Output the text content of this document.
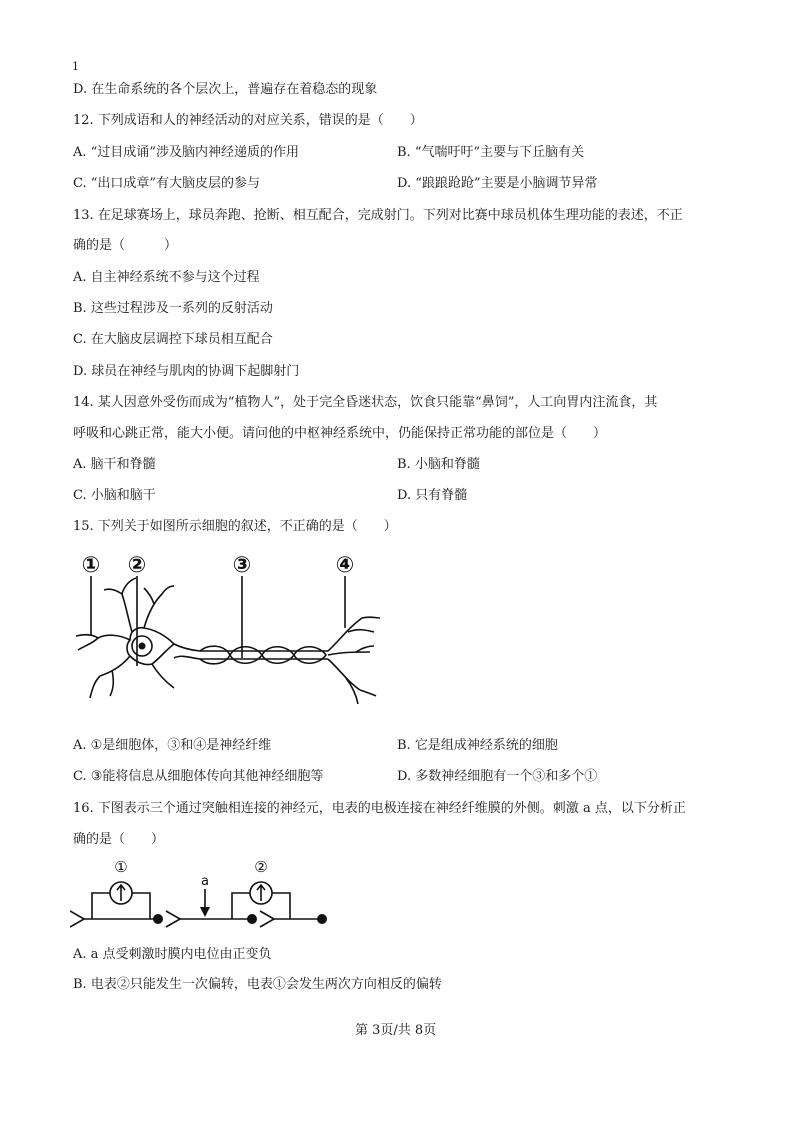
1
D. 在生命系统的各个层次上，普遍存在着稳态的现象
12. 下列成语和人的神经活动的对应关系，错误的是（　　）
A. “过目成诵”涉及脑内神经递质的作用	B. “气喘吁吁”主要与下丘脑有关
C. “出口成章”有大脑皮层的参与	D. “踉踉跄跄”主要是小脑调节异常
13. 在足球赛场上，球员奔跑、抢断、相互配合，完成射门。下列对比赛中球员机体生理功能的表述，不正
确的是（　　　）
A. 自主神经系统不参与这个过程
B. 这些过程涉及一系列的反射活动
C. 在大脑皮层调控下球员相互配合
D. 球员在神经与肌肉的协调下起脚射门
14. 某人因意外受伤而成为“植物人”，处于完全昏迷状态，饮食只能靠“鼻饲”，人工向胃内注流食，其
呼吸和心跳正常，能大小便。请问他的中枢神经系统中，仍能保持正常功能的部位是（　　）
A. 脑干和脊髓	B. 小脑和脊髓
C. 小脑和脑干	D. 只有脊髓
15. 下列关于如图所示细胞的叙述，不正确的是（　　）
① ②	③	④
A. ①是细胞体，③和④是神经纤维	B. 它是组成神经系统的细胞
C. ③能将信息从细胞体传向其他神经细胞等	D. 多数神经细胞有一个③和多个①
16. 下图表示三个通过突触相连接的神经元，电表的电极连接在神经纤维膜的外侧。刺激 a 点，以下分析正
确的是（　　）
①	②
a
A. a 点受刺激时膜内电位由正变负
B. 电表②只能发生一次偏转，电表①会发生两次方向相反的偏转
第 3页/共 8页
